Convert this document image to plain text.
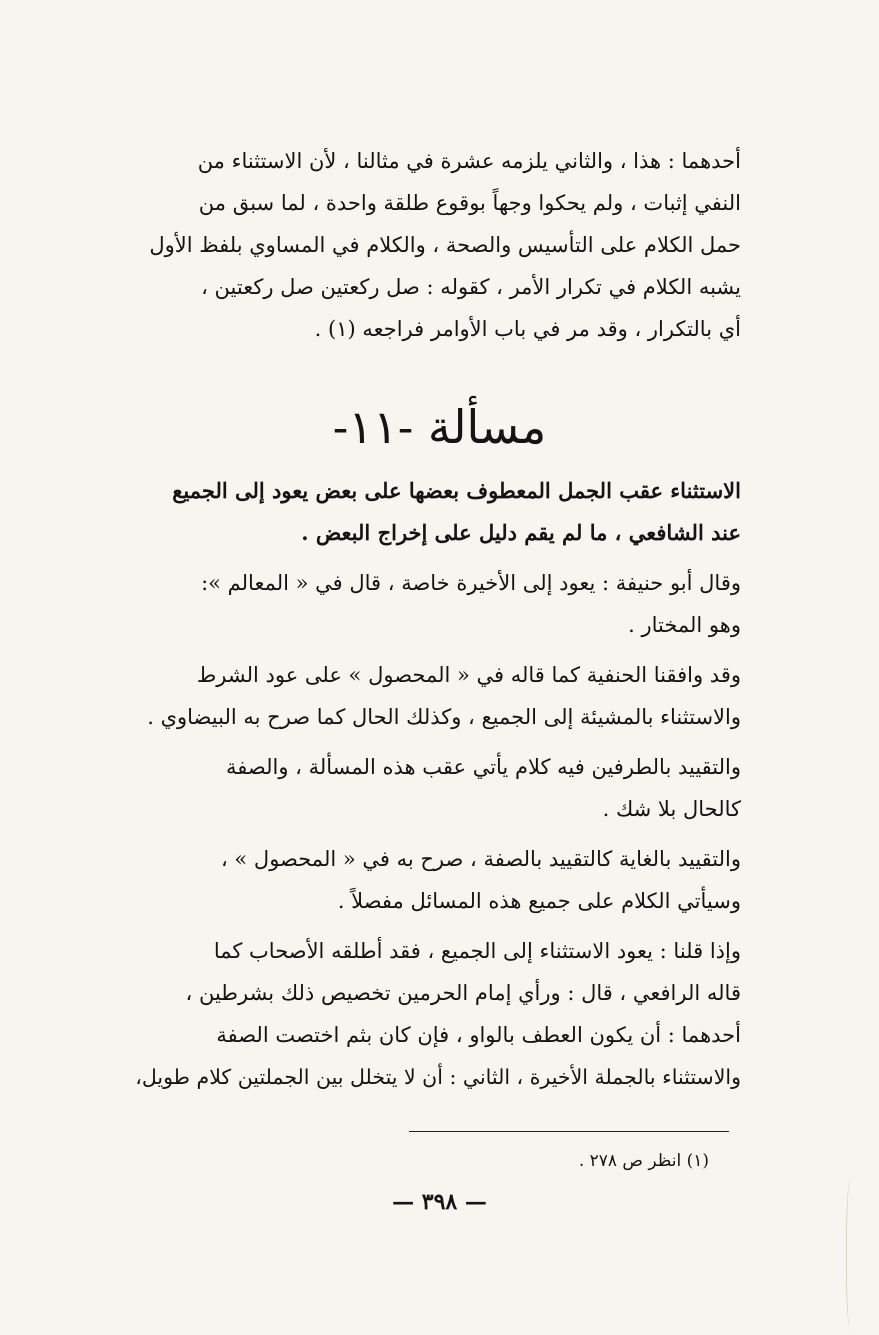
أحدهما : هذا ، والثاني يلزمه عشرة في مثالنا ، لأن الاستثناء من
النفي إثبات ، ولم يحكوا وجهاً بوقوع طلقة واحدة ، لما سبق من
حمل الكلام على التأسيس والصحة ، والكلام في المساوي بلفظ الأول
يشبه الكلام في تكرار الأمر ، كقوله : صل ركعتين صل ركعتين ،
أي بالتكرار ، وقد مر في باب الأوامر فراجعه (١) .
مسألة -١١-
الاستثناء عقب الجمل المعطوف بعضها على بعض يعود إلى الجميع
عند الشافعي ، ما لم يقم دليل على إخراج البعض .
وقال أبو حنيفة : يعود إلى الأخيرة خاصة ، قال في « المعالم »:
وهو المختار .
وقد وافقنا الحنفية كما قاله في « المحصول » على عود الشرط
والاستثناء بالمشيئة إلى الجميع ، وكذلك الحال كما صرح به البيضاوي .
والتقييد بالطرفين فيه كلام يأتي عقب هذه المسألة ، والصفة
كالحال بلا شك .
والتقييد بالغاية كالتقييد بالصفة ، صرح به في « المحصول » ،
وسيأتي الكلام على جميع هذه المسائل مفصلاً .
وإذا قلنا : يعود الاستثناء إلى الجميع ، فقد أطلقه الأصحاب كما
قاله الرافعي ، قال : ورأي إمام الحرمين تخصيص ذلك بشرطين ،
أحدهما : أن يكون العطف بالواو ، فإن كان بثم اختصت الصفة
والاستثناء بالجملة الأخيرة ، الثاني : أن لا يتخلل بين الجملتين كلام طويل،
(١) انظر ص ٢٧٨ .
— ٣٩٨ —
